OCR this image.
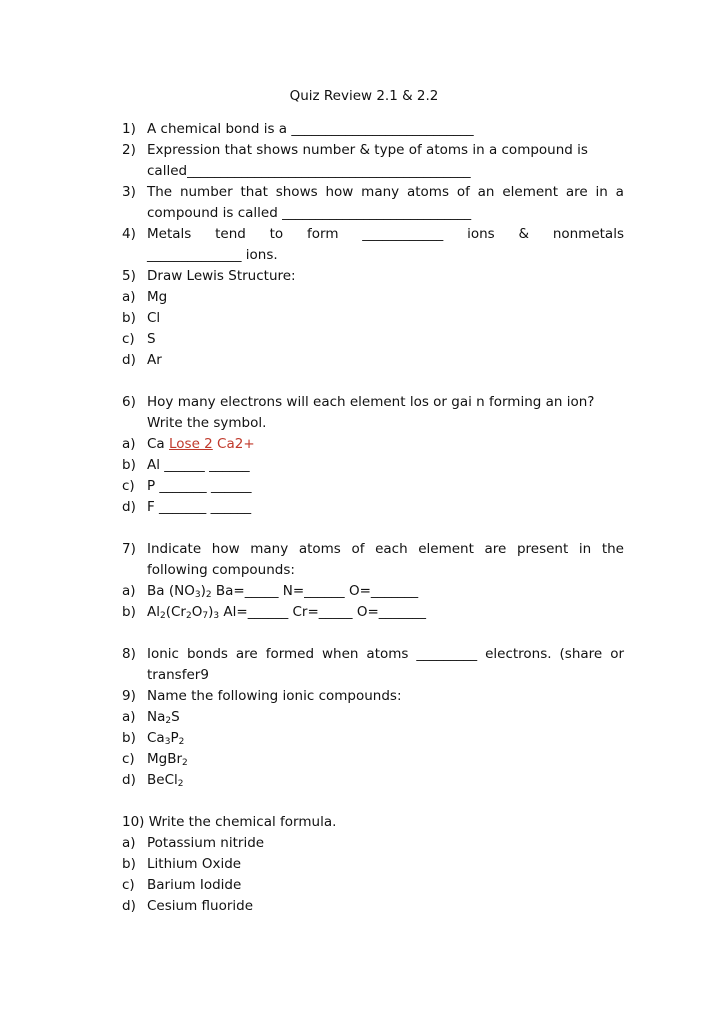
Quiz Review 2.1 & 2.2
1) A chemical bond is a ___________________________
2) Expression that shows number & type of atoms in a compound is
called__________________________________________
3) The number that shows how many atoms of an element are in a
compound is called ____________________________
4) Metals tend to form ____________ ions & nonmetals
______________ ions.
5) Draw Lewis Structure:
a) Mg
b) Cl
c) S
d) Ar
6) Hoy many electrons will each element los or gai n forming an ion?
Write the symbol.
a) Ca Lose 2 Ca2+
b) Al ______ ______
c) P _______ ______
d) F _______ ______
7) Indicate how many atoms of each element are present in the
following compounds:
a) Ba $(NO_3)_2$ Ba=_____ N=______ O=_______
b) $Al_2(Cr_2O_7)_3$ Al=______ Cr=_____ O=_______
8) Ionic bonds are formed when atoms _________ electrons. (share or
transfer9
9) Name the following ionic compounds:
a) $Na_2S$
b) $Ca_3P_2$
c) MgBr$_2$
d) BeCl$_2$
10) Write the chemical formula.
a) Potassium nitride
b) Lithium Oxide
c) Barium Iodide
d) Cesium fluoride
